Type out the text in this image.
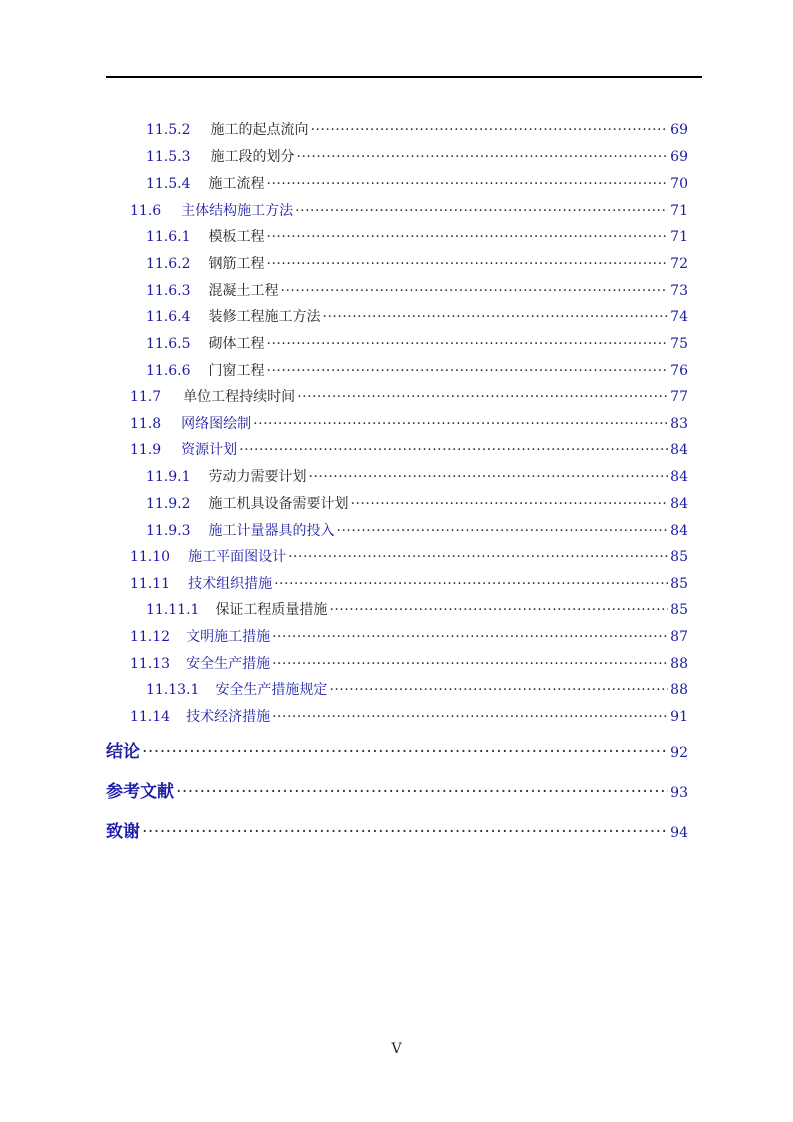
11.5.2 施工的起点流向 ·····	69
11.5.3 施工段的划分 ·····	69
11.5.4 施工流程 ·····	70
11.6 主体结构施工方法 ·····	71
11.6.1 模板工程 ·····	71
11.6.2 钢筋工程 ·····	72
11.6.3 混凝土工程 ·····	73
11.6.4 装修工程施工方法 ·····	74
11.6.5 砌体工程 ·····	75
11.6.6 门窗工程 ·····	76
11.7 单位工程持续时间 ·····	77
11.8 网络图绘制 ·····	83
11.9 资源计划 ·····	84
11.9.1 劳动力需要计划 ·····	84
11.9.2 施工机具设备需要计划 ·····	84
11.9.3 施工计量器具的投入 ·····	84
11.10 施工平面图设计 ·····	85
11.11 技术组织措施 ·····	85
11.11.1 保证工程质量措施 ·····	85
11.12 文明施工措施 ·····	87
11.13 安全生产措施 ·····	88
11.13.1 安全生产措施规定 ·····	88
11.14 技术经济措施 ·····	91
结论 ·····	92
参考文献 ·····	93
致谢 ·····	94
V
